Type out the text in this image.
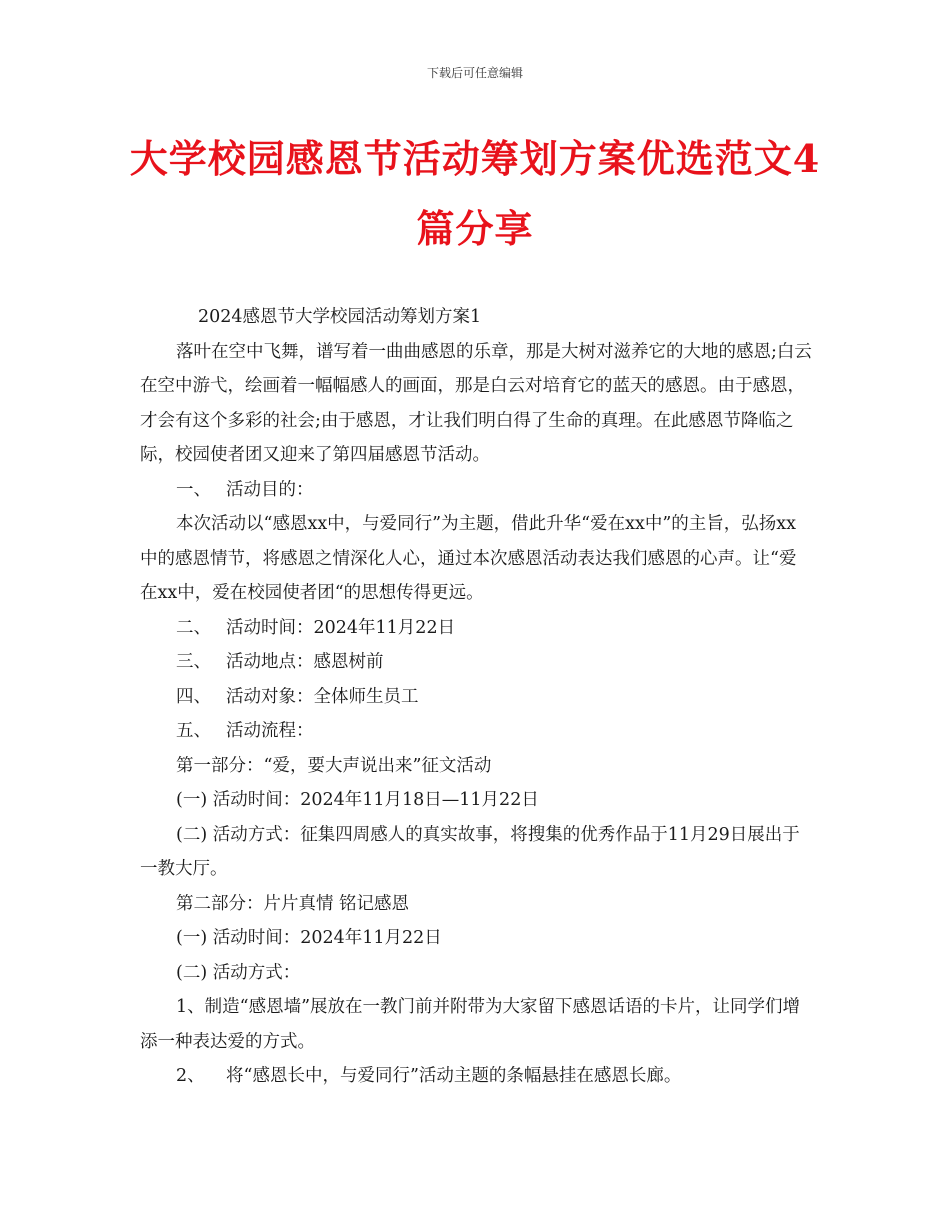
下载后可任意编辑
大学校园感恩节活动筹划方案优选范文4
篇分享

2024感恩节大学校园活动筹划方案1

落叶在空中飞舞，谱写着一曲曲感恩的乐章，那是大树对滋养它的大地的感恩;白云在空中游弋，绘画着一幅幅感人的画面，那是白云对培育它的蓝天的感恩。由于感恩，才会有这个多彩的社会;由于感恩，才让我们明白得了生命的真理。在此感恩节降临之际，校园使者团又迎来了第四届感恩节活动。

一、 活动目的：

本次活动以“感恩xx中，与爱同行”为主题，借此升华“爱在xx中”的主旨，弘扬xx中的感恩情节，将感恩之情深化人心，通过本次感恩活动表达我们感恩的心声。让“爱在xx中，爱在校园使者团“的思想传得更远。

二、 活动时间：2024年11月22日

三、 活动地点：感恩树前

四、 活动对象：全体师生员工

五、 活动流程：

第一部分：“爱，要大声说出来”征文活动

(一) 活动时间：2024年11月18日—11月22日

(二) 活动方式：征集四周感人的真实故事，将搜集的优秀作品于11月29日展出于一教大厅。

第二部分：片片真情 铭记感恩

(一) 活动时间：2024年11月22日

(二) 活动方式：

1、制造“感恩墙”展放在一教门前并附带为大家留下感恩话语的卡片，让同学们增添一种表达爱的方式。

2、 将“感恩长中，与爱同行”活动主题的条幅悬挂在感恩长廊。
